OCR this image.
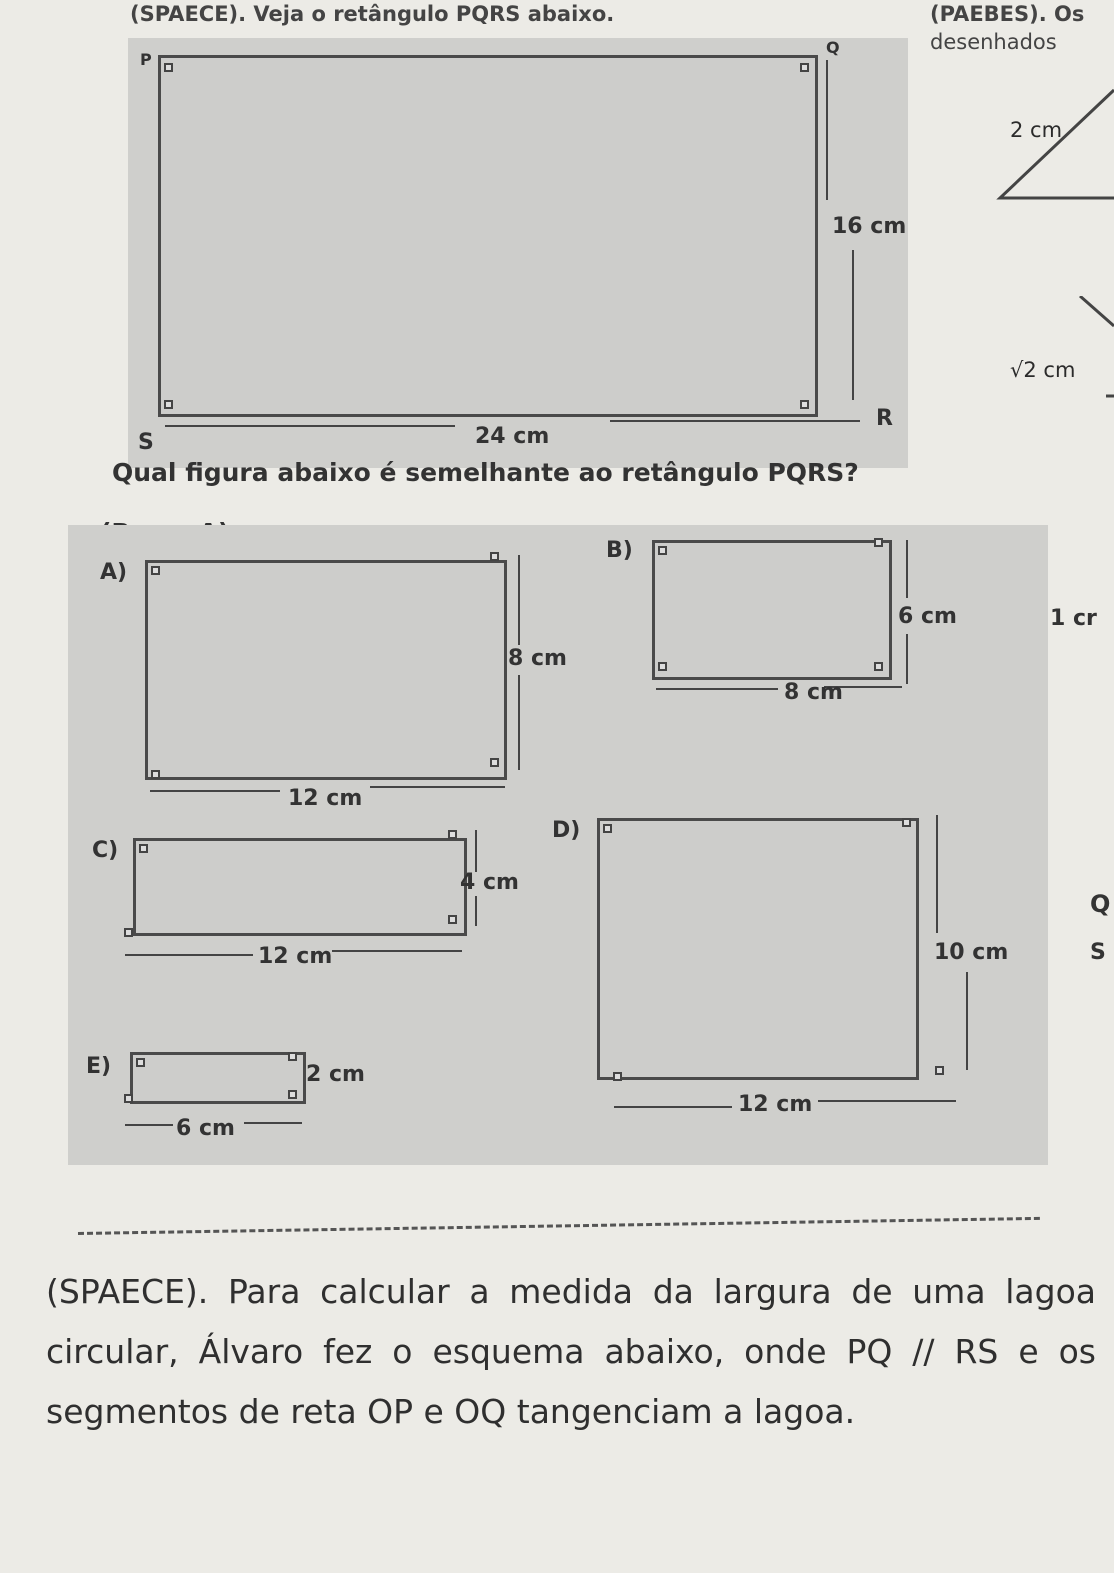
(SPAECE). Veja o retângulo PQRS abaixo.	(PAEBES). Os
desenhados
P
Q
R
S	24 cm
16 cm
2 cm
√2 cm
1 cr
Q
S
Qual figura abaixo é semelhante ao retângulo PQRS?
A)
8 cm
12 cm
B)
6 cm
8 cm
C)
4 cm
12 cm
D)
10 cm
12 cm
E)	2 cm
6 cm
(SPAECE). Para calcular a medida da largura de uma lagoa circular, Álvaro fez o esquema abaixo, onde PQ // RS e os segmentos de reta OP e OQ tangenciam a lagoa.
